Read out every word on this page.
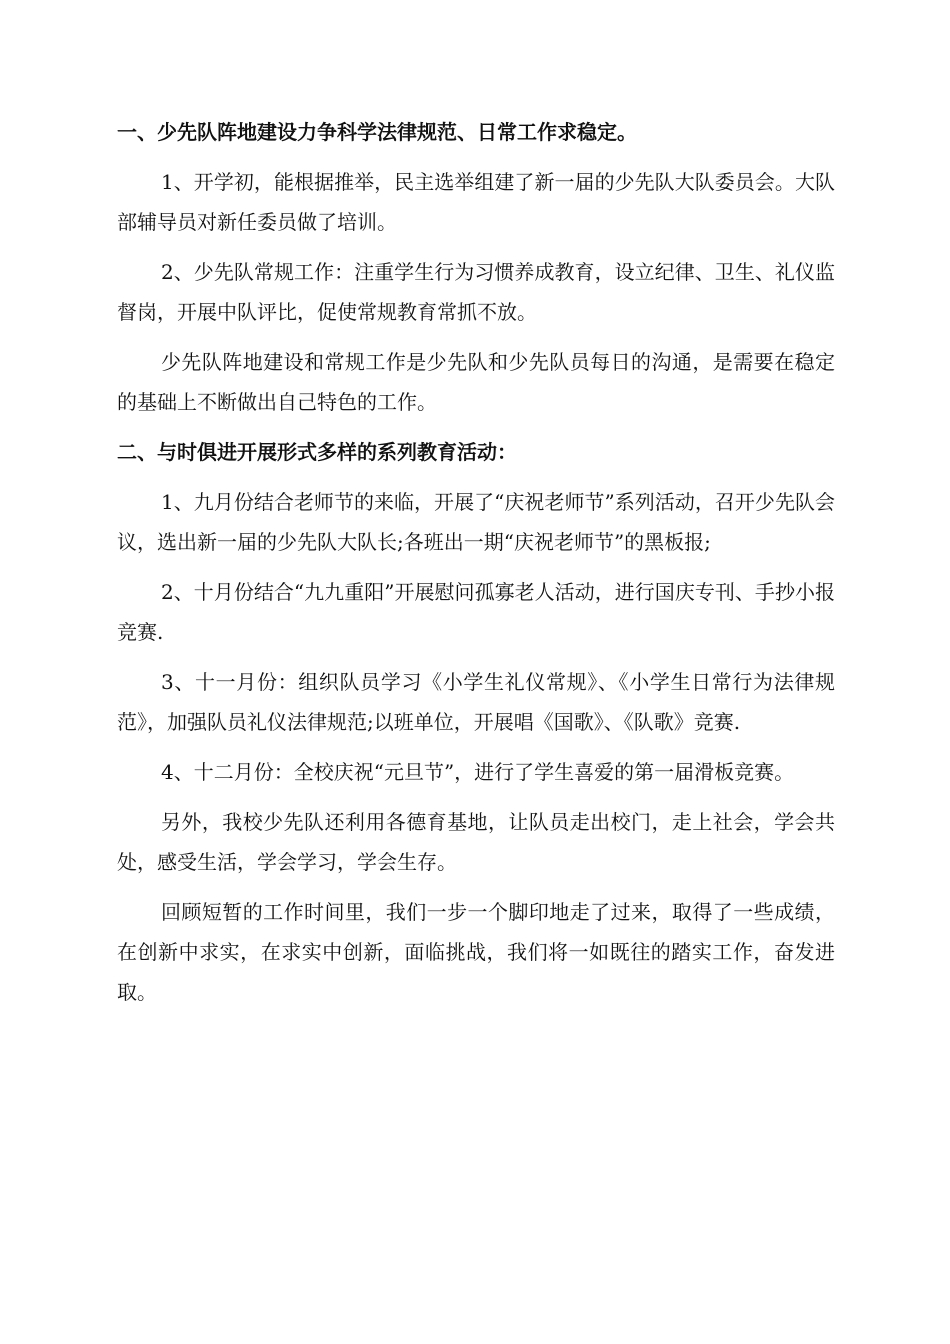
一、少先队阵地建设力争科学法律规范、日常工作求稳定。

1、开学初，能根据推举，民主选举组建了新一届的少先队大队委员会。大队部辅导员对新任委员做了培训。

2、少先队常规工作：注重学生行为习惯养成教育，设立纪律、卫生、礼仪监督岗，开展中队评比，促使常规教育常抓不放。

少先队阵地建设和常规工作是少先队和少先队员每日的沟通，是需要在稳定的基础上不断做出自己特色的工作。

二、与时俱进开展形式多样的系列教育活动：

1、九月份结合老师节的来临，开展了“庆祝老师节”系列活动，召开少先队会议，选出新一届的少先队大队长;各班出一期“庆祝老师节”的黑板报;

2、十月份结合“九九重阳”开展慰问孤寡老人活动，进行国庆专刊、手抄小报竞赛.

3、十一月份：组织队员学习《小学生礼仪常规》、《小学生日常行为法律规范》，加强队员礼仪法律规范;以班单位，开展唱《国歌》、《队歌》竞赛.

4、十二月份：全校庆祝“元旦节”，进行了学生喜爱的第一届滑板竞赛。

另外，我校少先队还利用各德育基地，让队员走出校门，走上社会，学会共处，感受生活，学会学习，学会生存。

回顾短暂的工作时间里，我们一步一个脚印地走了过来，取得了一些成绩，在创新中求实，在求实中创新，面临挑战，我们将一如既往的踏实工作，奋发进取。
